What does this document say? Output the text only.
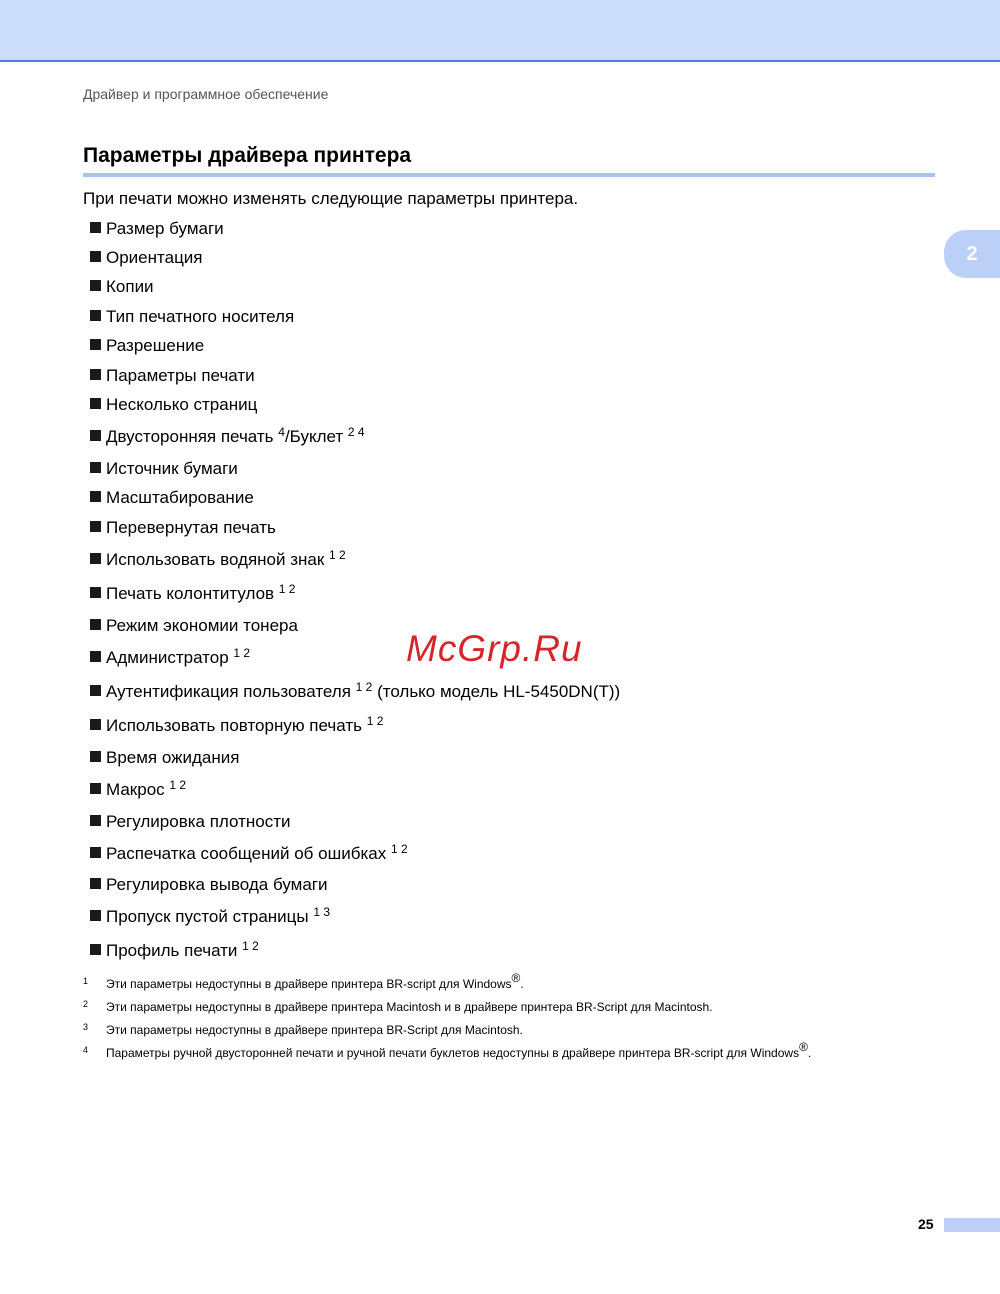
Драйвер и программное обеспечение
Параметры драйвера принтера
2
При печати можно изменять следующие параметры принтера.
Размер бумаги
Ориентация
Копии
Тип печатного носителя
Разрешение
Параметры печати
Несколько страниц
Двусторонняя печать $^4$/Буклет $^{2 4}$
Источник бумаги
Масштабирование
Перевернутая печать
Использовать водяной знак $^{1 2}$
Печать колонтитулов $^{1 2}$
Режим экономии тонера
Администратор $^{1 2}$
Аутентификация пользователя $^{1 2}$ (только модель HL-5450DN(T))
Использовать повторную печать $^{1 2}$
Время ожидания
Макрос $^{1 2}$
Регулировка плотности
Распечатка сообщений об ошибках $^{1 2}$
Регулировка вывода бумаги
Пропуск пустой страницы $^{1 3}$
Профиль печати $^{1 2}$
McGrp.Ru
1 Эти параметры недоступны в драйвере принтера BR-script для Windows®.
2 Эти параметры недоступны в драйвере принтера Macintosh и в драйвере принтера BR-Script для Macintosh.
3 Эти параметры недоступны в драйвере принтера BR-Script для Macintosh.
4 Параметры ручной двусторонней печати и ручной печати буклетов недоступны в драйвере принтера BR-script для Windows®.
25
